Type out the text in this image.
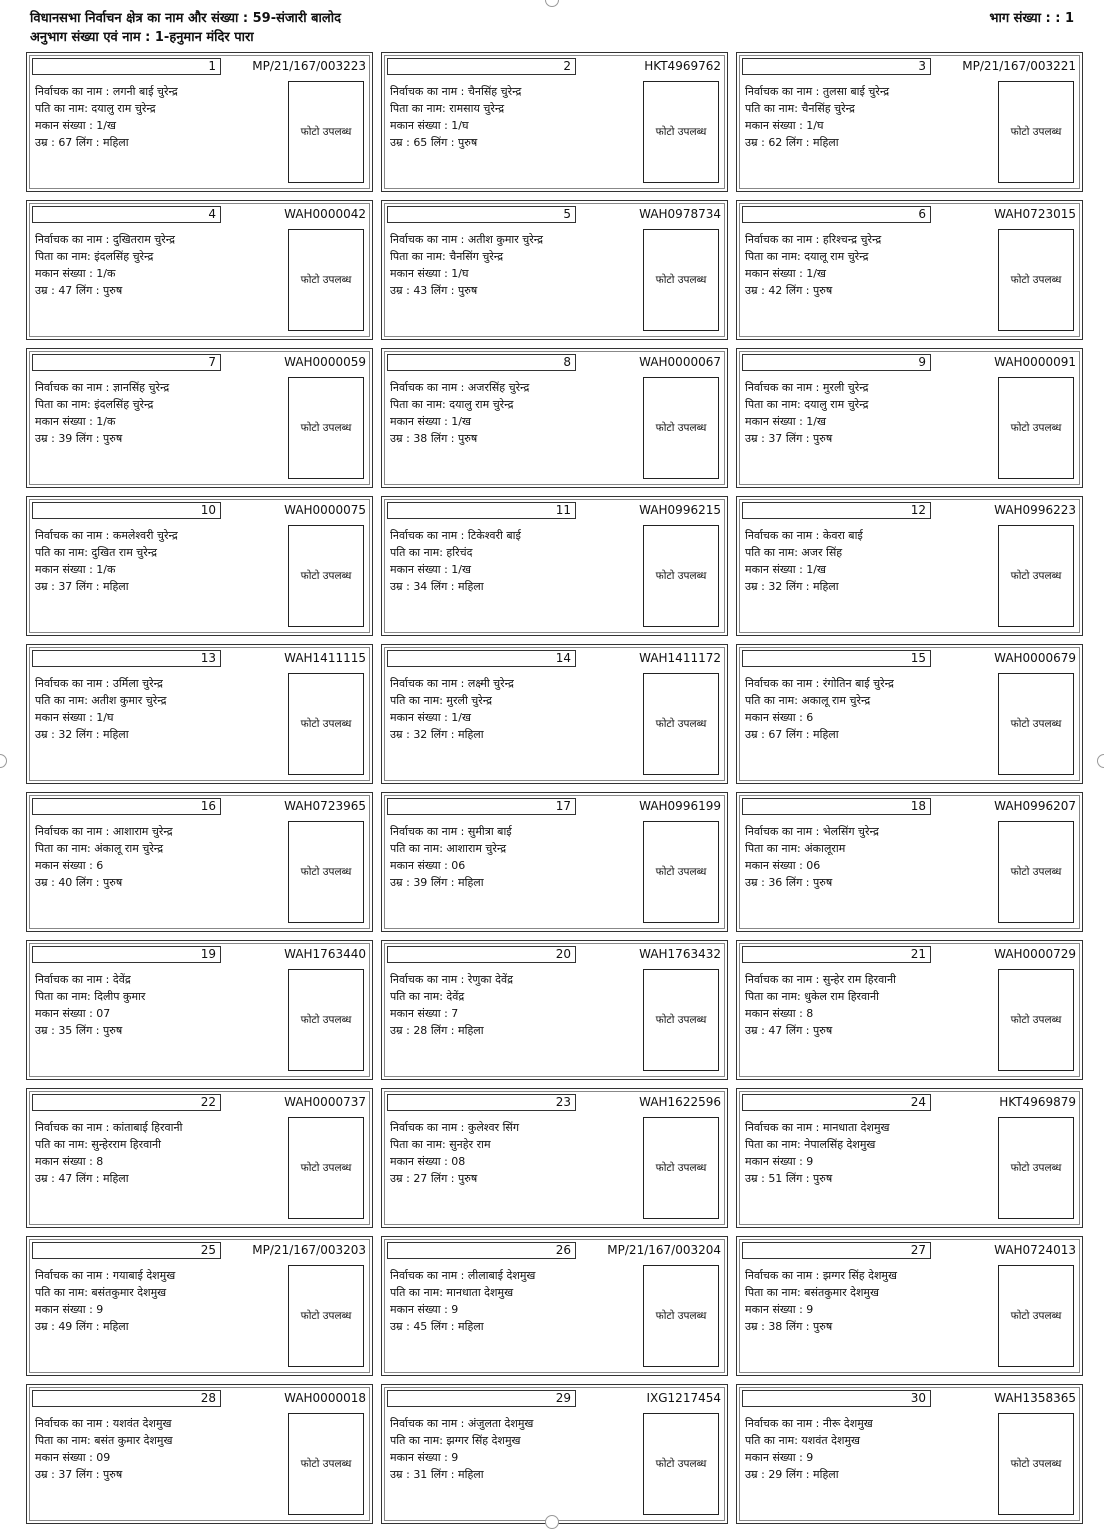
विधानसभा निर्वाचन क्षेत्र का नाम और संख्या : 59-संजारी बालोद
अनुभाग संख्या एवं नाम : 1-हनुमान मंदिर पारा
भाग संख्या : : 1
1	MP/21/167/003223
निर्वाचक का नाम : लगनी बाई चुरेन्द्र
पति का नाम: दयालु राम चुरेन्द्र
मकान संख्या : 1/ख
उम्र : 67 लिंग : महिला
फोटो उपलब्ध
2	HKT4969762
निर्वाचक का नाम : चैनसिंह चुरेन्द्र
पिता का नाम: रामसाय चुरेन्द्र
मकान संख्या : 1/घ
उम्र : 65 लिंग : पुरुष
फोटो उपलब्ध
3	MP/21/167/003221
निर्वाचक का नाम : तुलसा बाई चुरेन्द्र
पति का नाम: चैनसिंह चुरेन्द्र
मकान संख्या : 1/घ
उम्र : 62 लिंग : महिला
फोटो उपलब्ध
4	WAH0000042
निर्वाचक का नाम : दुखितराम चुरेन्द्र
पिता का नाम: इंदलसिंह चुरेन्द्र
मकान संख्या : 1/क
उम्र : 47 लिंग : पुरुष
फोटो उपलब्ध
5	WAH0978734
निर्वाचक का नाम : अतीश कुमार चुरेन्द्र
पिता का नाम: चैनसिंग चुरेन्द्र
मकान संख्या : 1/घ
उम्र : 43 लिंग : पुरुष
फोटो उपलब्ध
6	WAH0723015
निर्वाचक का नाम : हरिश्चन्द्र चुरेन्द्र
पिता का नाम: दयालू राम चुरेन्द्र
मकान संख्या : 1/ख
उम्र : 42 लिंग : पुरुष
फोटो उपलब्ध
7	WAH0000059
निर्वाचक का नाम : ज्ञानसिंह चुरेन्द्र
पिता का नाम: इंदलसिंह चुरेन्द्र
मकान संख्या : 1/क
उम्र : 39 लिंग : पुरुष
फोटो उपलब्ध
8	WAH0000067
निर्वाचक का नाम : अजरसिंह चुरेन्द्र
पिता का नाम: दयालु राम चुरेन्द्र
मकान संख्या : 1/ख
उम्र : 38 लिंग : पुरुष
फोटो उपलब्ध
9	WAH0000091
निर्वाचक का नाम : मुरली चुरेन्द्र
पिता का नाम: दयालु राम चुरेन्द्र
मकान संख्या : 1/ख
उम्र : 37 लिंग : पुरुष
फोटो उपलब्ध
10	WAH0000075
निर्वाचक का नाम : कमलेश्वरी चुरेन्द्र
पति का नाम: दुखित राम चुरेन्द्र
मकान संख्या : 1/क
उम्र : 37 लिंग : महिला
फोटो उपलब्ध
11	WAH0996215
निर्वाचक का नाम : टिकेश्वरी बाई
पति का नाम: हरिचंद
मकान संख्या : 1/ख
उम्र : 34 लिंग : महिला
फोटो उपलब्ध
12	WAH0996223
निर्वाचक का नाम : केवरा बाई
पति का नाम: अजर सिंह
मकान संख्या : 1/ख
उम्र : 32 लिंग : महिला
फोटो उपलब्ध
13	WAH1411115
निर्वाचक का नाम : उर्मिला चुरेन्द्र
पति का नाम: अतीश कुमार चुरेन्द्र
मकान संख्या : 1/घ
उम्र : 32 लिंग : महिला
फोटो उपलब्ध
14	WAH1411172
निर्वाचक का नाम : लक्ष्मी चुरेन्द्र
पति का नाम: मुरली चुरेन्द्र
मकान संख्या : 1/ख
उम्र : 32 लिंग : महिला
फोटो उपलब्ध
15	WAH0000679
निर्वाचक का नाम : रंगोतिन बाई चुरेन्द्र
पति का नाम: अकालू राम चुरेन्द्र
मकान संख्या : 6
उम्र : 67 लिंग : महिला
फोटो उपलब्ध
16	WAH0723965
निर्वाचक का नाम : आशाराम चुरेन्द्र
पिता का नाम: अंकालू राम चुरेन्द्र
मकान संख्या : 6
उम्र : 40 लिंग : पुरुष
फोटो उपलब्ध
17	WAH0996199
निर्वाचक का नाम : सुमीत्रा बाई
पति का नाम: आशाराम चुरेन्द्र
मकान संख्या : 06
उम्र : 39 लिंग : महिला
फोटो उपलब्ध
18	WAH0996207
निर्वाचक का नाम : भेलसिंग चुरेन्द्र
पिता का नाम: अंकालूराम
मकान संख्या : 06
उम्र : 36 लिंग : पुरुष
फोटो उपलब्ध
19	WAH1763440
निर्वाचक का नाम : देवेंद्र
पिता का नाम: दिलीप कुमार
मकान संख्या : 07
उम्र : 35 लिंग : पुरुष
फोटो उपलब्ध
20	WAH1763432
निर्वाचक का नाम : रेणुका देवेंद्र
पति का नाम: देवेंद्र
मकान संख्या : 7
उम्र : 28 लिंग : महिला
फोटो उपलब्ध
21	WAH0000729
निर्वाचक का नाम : सुन्हेर राम हिरवानी
पिता का नाम: धुकेल राम हिरवानी
मकान संख्या : 8
उम्र : 47 लिंग : पुरुष
फोटो उपलब्ध
22	WAH0000737
निर्वाचक का नाम : कांताबाई हिरवानी
पति का नाम: सुन्हेरराम हिरवानी
मकान संख्या : 8
उम्र : 47 लिंग : महिला
फोटो उपलब्ध
23	WAH1622596
निर्वाचक का नाम : कुलेश्वर सिंग
पिता का नाम: सुनहेर राम
मकान संख्या : 08
उम्र : 27 लिंग : पुरुष
फोटो उपलब्ध
24	HKT4969879
निर्वाचक का नाम : मानधाता देशमुख
पिता का नाम: नेपालसिंह देशमुख
मकान संख्या : 9
उम्र : 51 लिंग : पुरुष
फोटो उपलब्ध
25	MP/21/167/003203
निर्वाचक का नाम : गयाबाई देशमुख
पति का नाम: बसंतकुमार देशमुख
मकान संख्या : 9
उम्र : 49 लिंग : महिला
फोटो उपलब्ध
26	MP/21/167/003204
निर्वाचक का नाम : लीलाबाई देशमुख
पति का नाम: मानधाता देशमुख
मकान संख्या : 9
उम्र : 45 लिंग : महिला
फोटो उपलब्ध
27	WAH0724013
निर्वाचक का नाम : झग्गर सिंह देशमुख
पिता का नाम: बसंतकुमार देशमुख
मकान संख्या : 9
उम्र : 38 लिंग : पुरुष
फोटो उपलब्ध
28	WAH0000018
निर्वाचक का नाम : यशवंत देशमुख
पिता का नाम: बसंत कुमार देशमुख
मकान संख्या : 09
उम्र : 37 लिंग : पुरुष
फोटो उपलब्ध
29	IXG1217454
निर्वाचक का नाम : अंजुलता देशमुख
पति का नाम: झग्गर सिंह देशमुख
मकान संख्या : 9
उम्र : 31 लिंग : महिला
फोटो उपलब्ध
30	WAH1358365
निर्वाचक का नाम : नीरू देशमुख
पति का नाम: यशवंत देशमुख
मकान संख्या : 9
उम्र : 29 लिंग : महिला
फोटो उपलब्ध
